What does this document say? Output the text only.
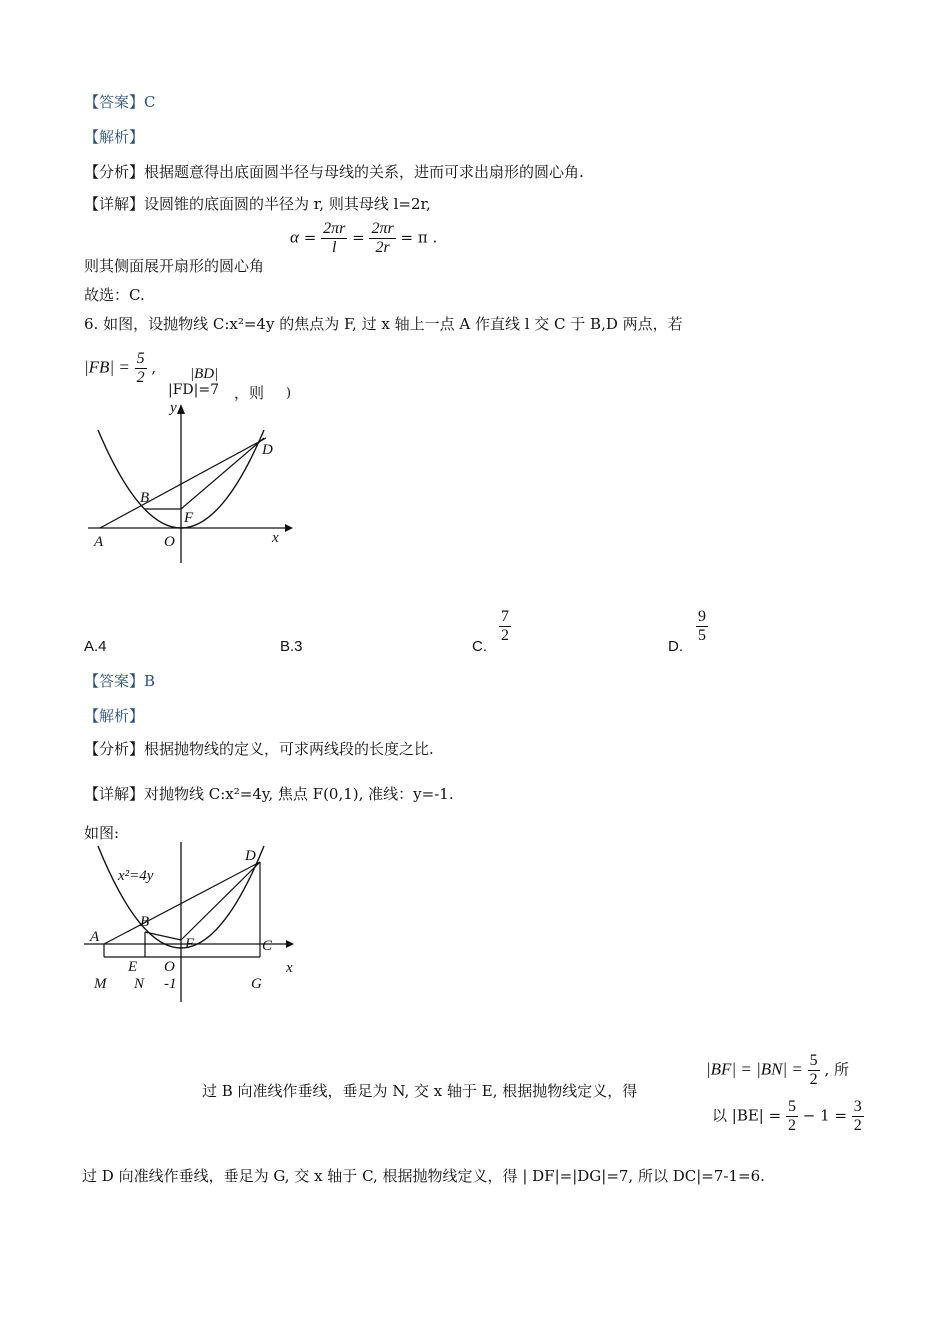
【答案】C
【解析】
【分析】根据题意得出底面圆半径与母线的关系，进而可求出扇形的圆心角.
【详解】设圆锥的底面圆的半径为 r, 则其母线 l=2r,
则其侧面展开扇形的圆心角
$\alpha = \frac{2\pi r}{l} = \frac{2\pi r}{2r} = \pi$ .
故选：C.
6. 如图，设抛物线 C:x²=4y 的焦点为 F, 过 x 轴上一点 A 作直线 l 交 C 于 B,D 两点，若
$|FB| = \frac{5}{2}$ ,
|FD|=7
|BD|
，则 )
y
x
A	O
B
F
D
A.4	B.3	C.
$\frac{7}{2}$
D.
$\frac{9}{5}$
【答案】B
【解析】
【分析】根据抛物线的定义，可求两线段的长度之比.
【详解】对抛物线 C:x²=4y, 焦点 F(0,1), 准线：y=-1.
如图:
x²=4y
D
B
A	F	C
E O	x
M N -1	G
过 B 向准线作垂线，垂足为 N, 交 x 轴于 E, 根据抛物线定义，得
$|BF| = |BN| = \frac{5}{2}$ , 所
以 $|BE| = \frac{5}{2} - 1 = \frac{3}{2}$
过 D 向准线作垂线，垂足为 G, 交 x 轴于 C, 根据抛物线定义，得 | DF|=|DG|=7, 所以 DC|=7-1=6.
